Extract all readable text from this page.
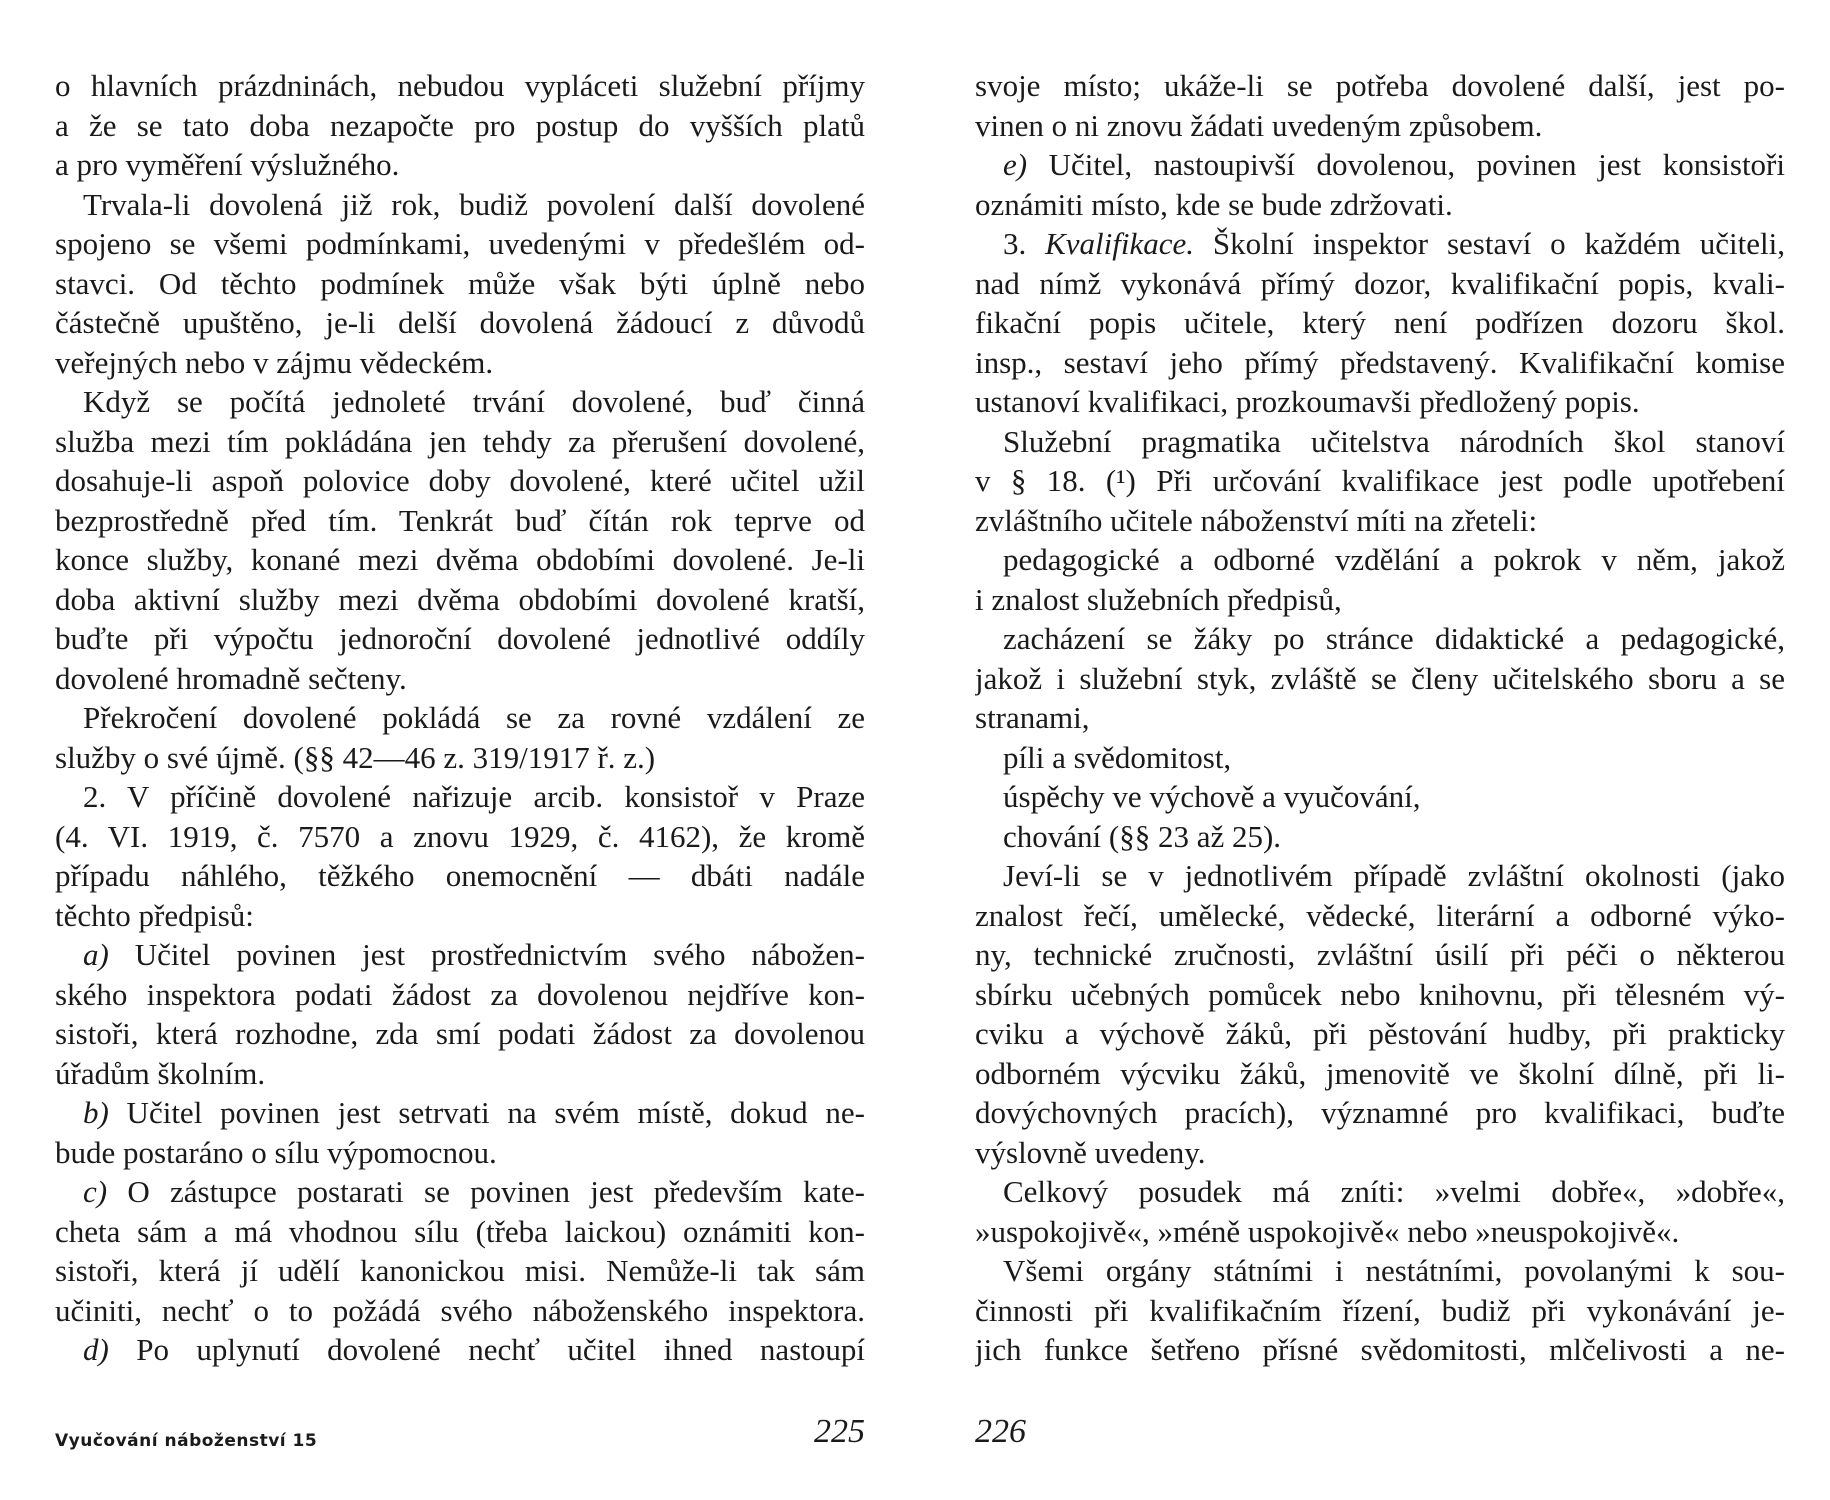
o hlavních prázdninách, nebudou vypláceti služební příjmy
a že se tato doba nezapočte pro postup do vyšších platů
a pro vyměření výslužného.
Trvala-li dovolená již rok, budiž povolení další dovolené
spojeno se všemi podmínkami, uvedenými v předešlém od-
stavci. Od těchto podmínek může však býti úplně nebo
částečně upuštěno, je-li delší dovolená žádoucí z důvodů
veřejných nebo v zájmu vědeckém.
Když se počítá jednoleté trvání dovolené, buď činná
služba mezi tím pokládána jen tehdy za přerušení dovolené,
dosahuje-li aspoň polovice doby dovolené, které učitel užil
bezprostředně před tím. Tenkrát buď čítán rok teprve od
konce služby, konané mezi dvěma obdobími dovolené. Je-li
doba aktivní služby mezi dvěma obdobími dovolené kratší,
buďte při výpočtu jednoroční dovolené jednotlivé oddíly
dovolené hromadně sečteny.
Překročení dovolené pokládá se za rovné vzdálení ze
služby o své újmě. (§§ 42—46 z. 319/1917 ř. z.)
2. V příčině dovolené nařizuje arcib. konsistoř v Praze
(4. VI. 1919, č. 7570 a znovu 1929, č. 4162), že kromě
případu náhlého, těžkého onemocnění — dbáti nadále
těchto předpisů:
a) Učitel povinen jest prostřednictvím svého nábožen-
ského inspektora podati žádost za dovolenou nejdříve kon-
sistoři, která rozhodne, zda smí podati žádost za dovolenou
úřadům školním.
b) Učitel povinen jest setrvati na svém místě, dokud ne-
bude postaráno o sílu výpomocnou.
c) O zástupce postarati se povinen jest především kate-
cheta sám a má vhodnou sílu (třeba laickou) oznámiti kon-
sistoři, která jí udělí kanonickou misi. Nemůže-li tak sám
učiniti, nechť o to požádá svého náboženského inspektora.
d) Po uplynutí dovolené nechť učitel ihned nastoupí
Vyučování náboženství 15	225
svoje místo; ukáže-li se potřeba dovolené další, jest po-
vinen o ni znovu žádati uvedeným způsobem.
e) Učitel, nastoupivší dovolenou, povinen jest konsistoři
oznámiti místo, kde se bude zdržovati.
3. Kvalifikace. Školní inspektor sestaví o každém učiteli,
nad nímž vykonává přímý dozor, kvalifikační popis, kvali-
fikační popis učitele, který není podřízen dozoru škol.
insp., sestaví jeho přímý představený. Kvalifikační komise
ustanoví kvalifikaci, prozkoumavši předložený popis.
Služební pragmatika učitelstva národních škol stanoví
v § 18. (¹) Při určování kvalifikace jest podle upotřebení
zvláštního učitele náboženství míti na zřeteli:
pedagogické a odborné vzdělání a pokrok v něm, jakož
i znalost služebních předpisů,
zacházení se žáky po stránce didaktické a pedagogické,
jakož i služební styk, zvláště se členy učitelského sboru a se
stranami,
píli a svědomitost,
úspěchy ve výchově a vyučování,
chování (§§ 23 až 25).
Jeví-li se v jednotlivém případě zvláštní okolnosti (jako
znalost řečí, umělecké, vědecké, literární a odborné výko-
ny, technické zručnosti, zvláštní úsilí při péči o některou
sbírku učebných pomůcek nebo knihovnu, při tělesném vý-
cviku a výchově žáků, při pěstování hudby, při prakticky
odborném výcviku žáků, jmenovitě ve školní dílně, při li-
dovýchovných pracích), významné pro kvalifikaci, buďte
výslovně uvedeny.
Celkový posudek má zníti: »velmi dobře«, »dobře«,
»uspokojivě«, »méně uspokojivě« nebo »neuspokojivě«.
Všemi orgány státními i nestátními, povolanými k sou-
činnosti při kvalifikačním řízení, budiž při vykonávání je-
jich funkce šetřeno přísné svědomitosti, mlčelivosti a ne-
226
